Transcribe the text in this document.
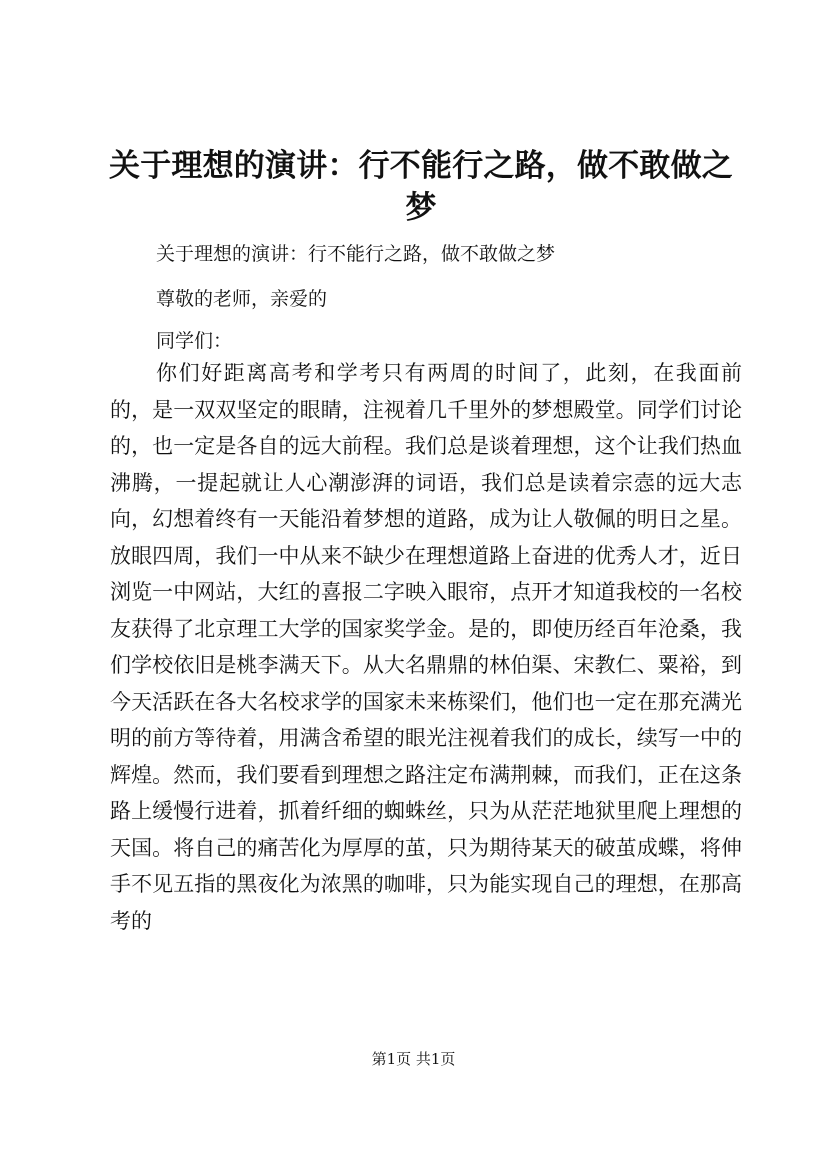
关于理想的演讲：行不能行之路，做不敢做之梦

关于理想的演讲：行不能行之路，做不敢做之梦

尊敬的老师，亲爱的

同学们：

你们好距离高考和学考只有两周的时间了，此刻，在我面前的，是一双双坚定的眼睛，注视着几千里外的梦想殿堂。同学们讨论的，也一定是各自的远大前程。我们总是谈着理想，这个让我们热血沸腾，一提起就让人心潮澎湃的词语，我们总是读着宗悫的远大志向，幻想着终有一天能沿着梦想的道路，成为让人敬佩的明日之星。放眼四周，我们一中从来不缺少在理想道路上奋进的优秀人才，近日浏览一中网站，大红的喜报二字映入眼帘，点开才知道我校的一名校友获得了北京理工大学的国家奖学金。是的，即使历经百年沧桑，我们学校依旧是桃李满天下。从大名鼎鼎的林伯渠、宋教仁、粟裕，到今天活跃在各大名校求学的国家未来栋梁们，他们也一定在那充满光明的前方等待着，用满含希望的眼光注视着我们的成长，续写一中的辉煌。然而，我们要看到理想之路注定布满荆棘，而我们，正在这条路上缓慢行进着，抓着纤细的蜘蛛丝，只为从茫茫地狱里爬上理想的天国。将自己的痛苦化为厚厚的茧，只为期待某天的破茧成蝶，将伸手不见五指的黑夜化为浓黑的咖啡，只为能实现自己的理想，在那高考的
第1页 共1页
